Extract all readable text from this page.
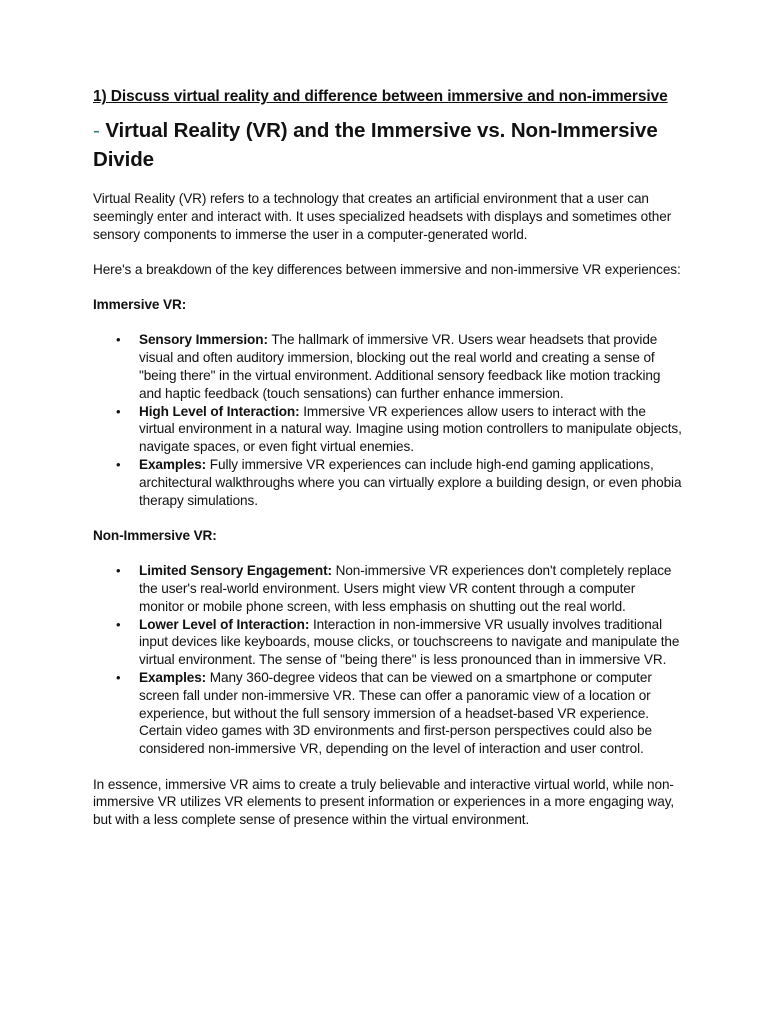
1) Discuss virtual reality and difference between immersive and non-immersive
- Virtual Reality (VR) and the Immersive vs. Non-Immersive Divide

Virtual Reality (VR) refers to a technology that creates an artificial environment that a user can seemingly enter and interact with. It uses specialized headsets with displays and sometimes other sensory components to immerse the user in a computer-generated world.

Here's a breakdown of the key differences between immersive and non-immersive VR experiences:

Immersive VR:

• Sensory Immersion: The hallmark of immersive VR. Users wear headsets that provide visual and often auditory immersion, blocking out the real world and creating a sense of "being there" in the virtual environment. Additional sensory feedback like motion tracking and haptic feedback (touch sensations) can further enhance immersion.
• High Level of Interaction: Immersive VR experiences allow users to interact with the virtual environment in a natural way. Imagine using motion controllers to manipulate objects, navigate spaces, or even fight virtual enemies.
• Examples: Fully immersive VR experiences can include high-end gaming applications, architectural walkthroughs where you can virtually explore a building design, or even phobia therapy simulations.

Non-Immersive VR:

• Limited Sensory Engagement: Non-immersive VR experiences don't completely replace the user's real-world environment. Users might view VR content through a computer monitor or mobile phone screen, with less emphasis on shutting out the real world.
• Lower Level of Interaction: Interaction in non-immersive VR usually involves traditional input devices like keyboards, mouse clicks, or touchscreens to navigate and manipulate the virtual environment. The sense of "being there" is less pronounced than in immersive VR.
• Examples: Many 360-degree videos that can be viewed on a smartphone or computer screen fall under non-immersive VR. These can offer a panoramic view of a location or experience, but without the full sensory immersion of a headset-based VR experience. Certain video games with 3D environments and first-person perspectives could also be considered non-immersive VR, depending on the level of interaction and user control.

In essence, immersive VR aims to create a truly believable and interactive virtual world, while non-immersive VR utilizes VR elements to present information or experiences in a more engaging way, but with a less complete sense of presence within the virtual environment.
